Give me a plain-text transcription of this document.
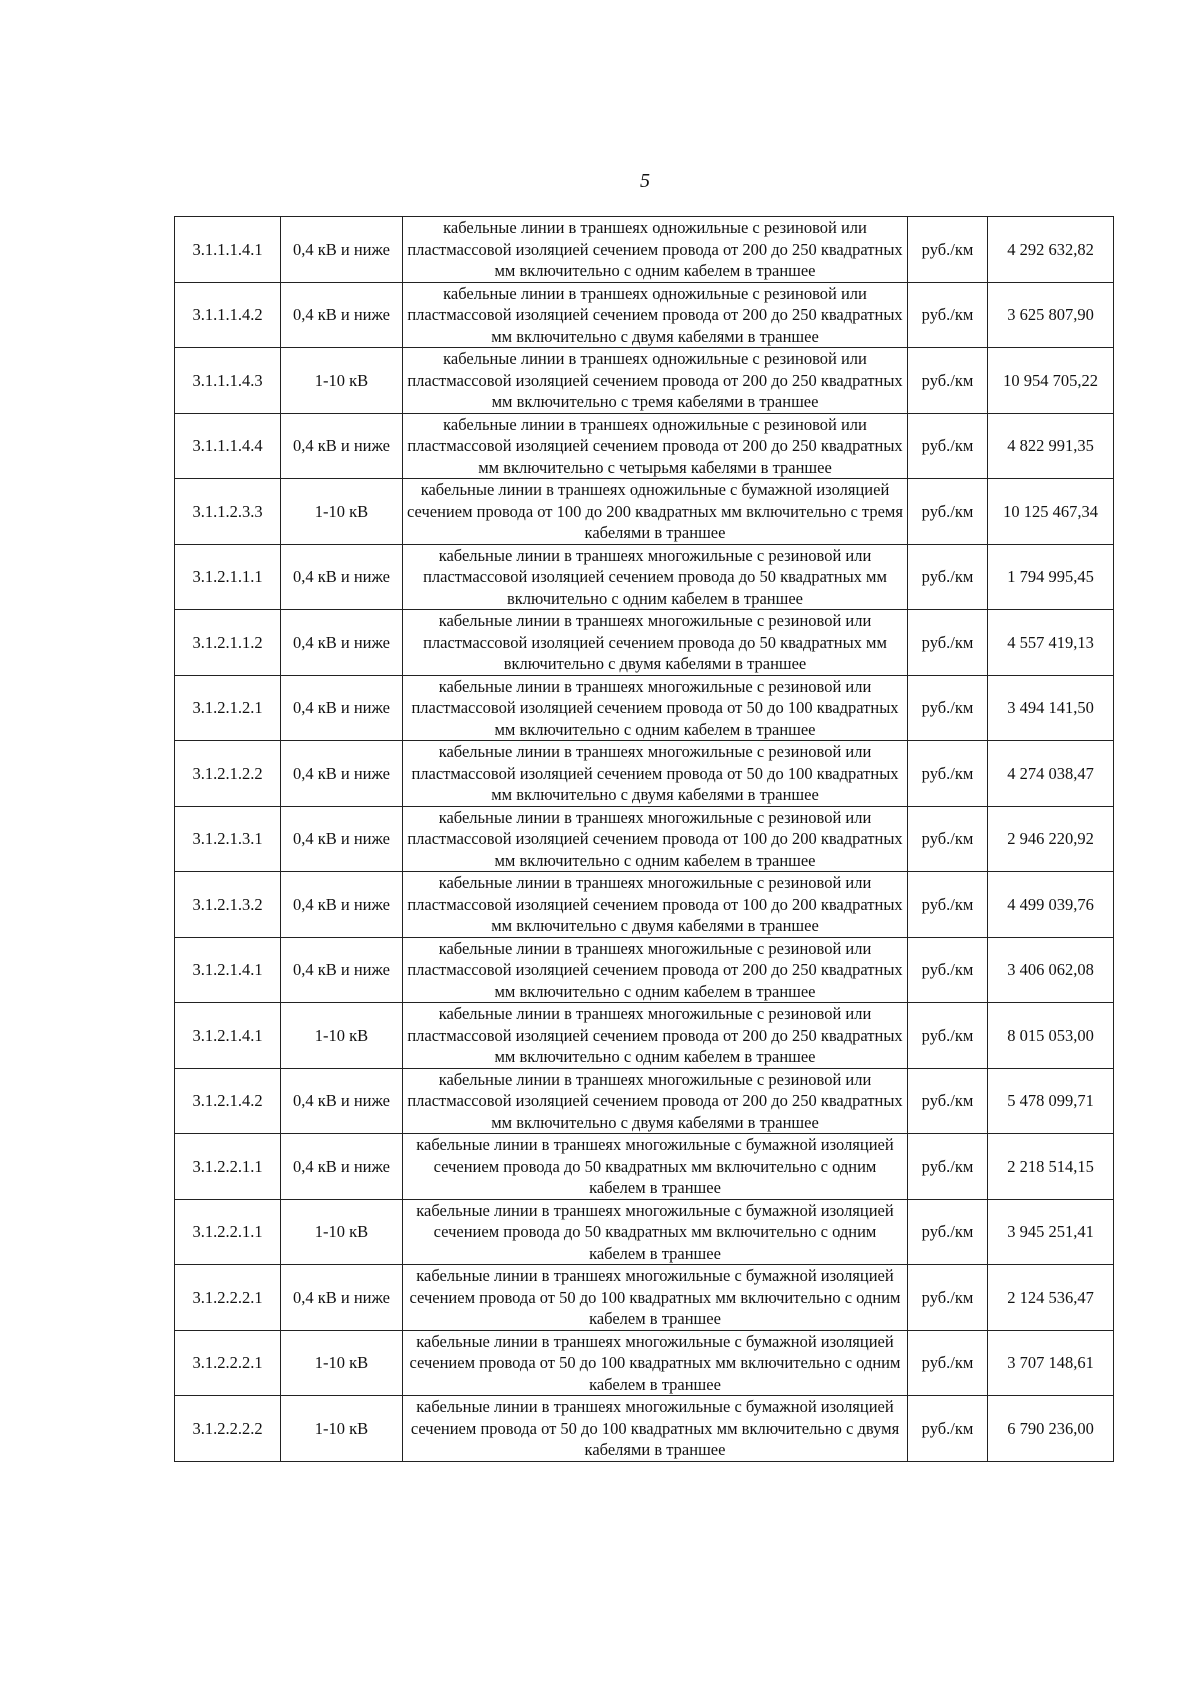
5
3.1.1.1.4.1	0,4 кВ и ниже	кабельные линии в траншеях одножильные с резиновой или пластмассовой изоляцией сечением провода от 200 до 250 квадратных мм включительно с одним кабелем в траншее	руб./км	4 292 632,82
3.1.1.1.4.2	0,4 кВ и ниже	кабельные линии в траншеях одножильные с резиновой или пластмассовой изоляцией сечением провода от 200 до 250 квадратных мм включительно с двумя кабелями в траншее	руб./км	3 625 807,90
3.1.1.1.4.3	1-10 кВ	кабельные линии в траншеях одножильные с резиновой или пластмассовой изоляцией сечением провода от 200 до 250 квадратных мм включительно с тремя кабелями в траншее	руб./км	10 954 705,22
3.1.1.1.4.4	0,4 кВ и ниже	кабельные линии в траншеях одножильные с резиновой или пластмассовой изоляцией сечением провода от 200 до 250 квадратных мм включительно с четырьмя кабелями в траншее	руб./км	4 822 991,35
3.1.1.2.3.3	1-10 кВ	кабельные линии в траншеях одножильные с бумажной изоляцией сечением провода от 100 до 200 квадратных мм включительно с тремя кабелями в траншее	руб./км	10 125 467,34
3.1.2.1.1.1	0,4 кВ и ниже	кабельные линии в траншеях многожильные с резиновой или пластмассовой изоляцией сечением провода до 50 квадратных мм включительно с одним кабелем в траншее	руб./км	1 794 995,45
3.1.2.1.1.2	0,4 кВ и ниже	кабельные линии в траншеях многожильные с резиновой или пластмассовой изоляцией сечением провода до 50 квадратных мм включительно с двумя кабелями в траншее	руб./км	4 557 419,13
3.1.2.1.2.1	0,4 кВ и ниже	кабельные линии в траншеях многожильные с резиновой или пластмассовой изоляцией сечением провода от 50 до 100 квадратных мм включительно с одним кабелем в траншее	руб./км	3 494 141,50
3.1.2.1.2.2	0,4 кВ и ниже	кабельные линии в траншеях многожильные с резиновой или пластмассовой изоляцией сечением провода от 50 до 100 квадратных мм включительно с двумя кабелями в траншее	руб./км	4 274 038,47
3.1.2.1.3.1	0,4 кВ и ниже	кабельные линии в траншеях многожильные с резиновой или пластмассовой изоляцией сечением провода от 100 до 200 квадратных мм включительно с одним кабелем в траншее	руб./км	2 946 220,92
3.1.2.1.3.2	0,4 кВ и ниже	кабельные линии в траншеях многожильные с резиновой или пластмассовой изоляцией сечением провода от 100 до 200 квадратных мм включительно с двумя кабелями в траншее	руб./км	4 499 039,76
3.1.2.1.4.1	0,4 кВ и ниже	кабельные линии в траншеях многожильные с резиновой или пластмассовой изоляцией сечением провода от 200 до 250 квадратных мм включительно с одним кабелем в траншее	руб./км	3 406 062,08
3.1.2.1.4.1	1-10 кВ	кабельные линии в траншеях многожильные с резиновой или пластмассовой изоляцией сечением провода от 200 до 250 квадратных мм включительно с одним кабелем в траншее	руб./км	8 015 053,00
3.1.2.1.4.2	0,4 кВ и ниже	кабельные линии в траншеях многожильные с резиновой или пластмассовой изоляцией сечением провода от 200 до 250 квадратных мм включительно с двумя кабелями в траншее	руб./км	5 478 099,71
3.1.2.2.1.1	0,4 кВ и ниже	кабельные линии в траншеях многожильные с бумажной изоляцией сечением провода до 50 квадратных мм включительно с одним кабелем в траншее	руб./км	2 218 514,15
3.1.2.2.1.1	1-10 кВ	кабельные линии в траншеях многожильные с бумажной изоляцией сечением провода до 50 квадратных мм включительно с одним кабелем в траншее	руб./км	3 945 251,41
3.1.2.2.2.1	0,4 кВ и ниже	кабельные линии в траншеях многожильные с бумажной изоляцией сечением провода от 50 до 100 квадратных мм включительно с одним кабелем в траншее	руб./км	2 124 536,47
3.1.2.2.2.1	1-10 кВ	кабельные линии в траншеях многожильные с бумажной изоляцией сечением провода от 50 до 100 квадратных мм включительно с одним кабелем в траншее	руб./км	3 707 148,61
3.1.2.2.2.2	1-10 кВ	кабельные линии в траншеях многожильные с бумажной изоляцией сечением провода от 50 до 100 квадратных мм включительно с двумя кабелями в траншее	руб./км	6 790 236,00
